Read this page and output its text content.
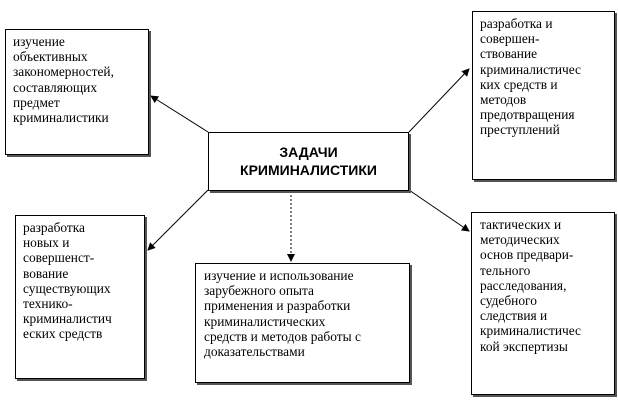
изучение
объективных
закономерностей,
составляющих
предмет
криминалистики
разработка и
совершен-
ствование
криминалистичес
ких средств и
методов
предотвращения
преступлений
ЗАДАЧИ
КРИМИНАЛИСТИКИ
разработка
новых и
совершенст-
вование
существующих
технико-
криминалистич
еских средств
изучение и использование
зарубежного опыта
применения и разработки
криминалистических
средств и методов работы с
доказательствами
тактических и
методических
основ предвари-
тельного
расследования,
судебного
следствия и
криминалистичес
кой экспертизы
